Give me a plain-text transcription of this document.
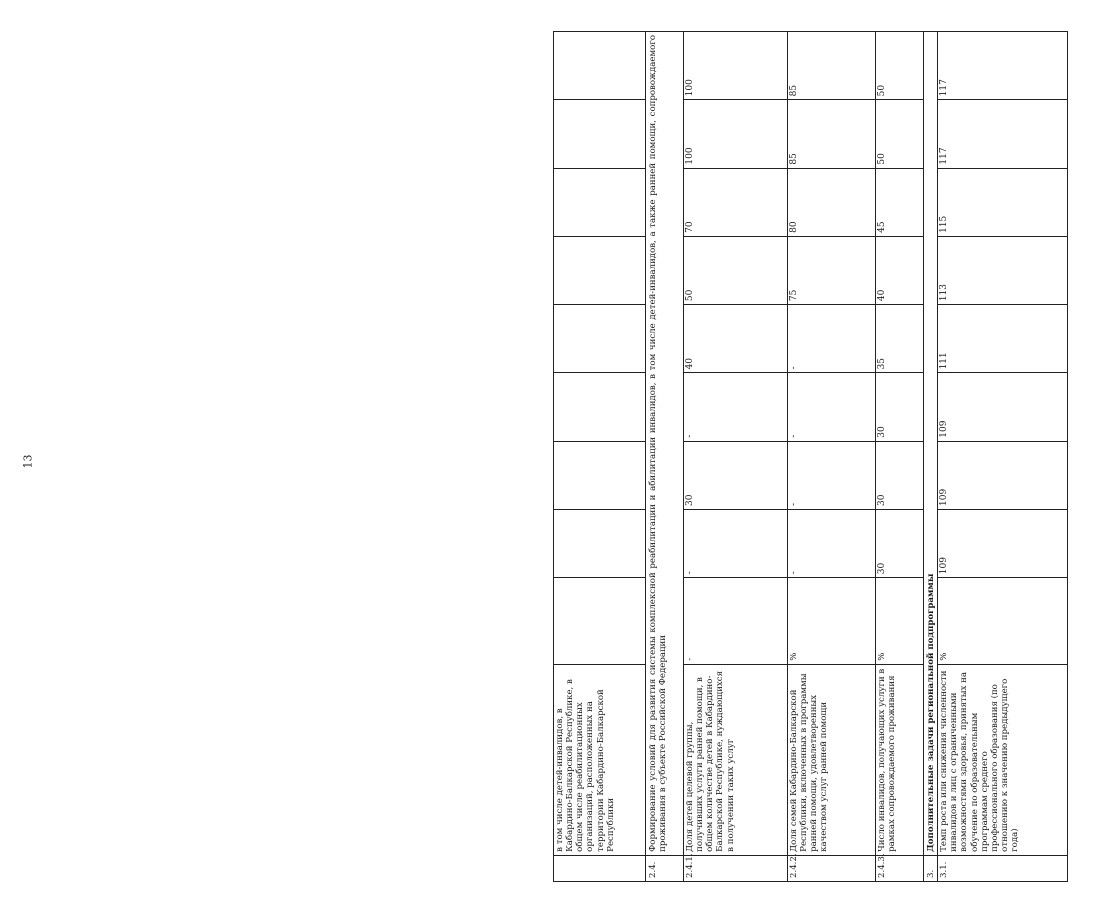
13
	в том числе детей-инвалидов, в Кабардино-Балкарской Республике, в общем числе реабилитационных организаций, расположенных на территории Кабардино-Балкарской Республики									
2.4.	Формирование условий для развития системы комплексной реабилитации и абилитации инвалидов, в том числе детей-инвалидов, а также ранней помощи, сопровождаемого проживания в субъекте Российской Федерации									
2.4.1.	Доля детей целевой группы, получивших услуги ранней помощи, в общем количестве детей в Кабардино-Балкарской Республике, нуждающихся в получении таких услуг	-	-	30	-	40	50	70	100	100
2.4.2.	Доля семей Кабардино-Балкарской Республики, включенных в программы ранней помощи, удовлетворенных качеством услуг ранней помощи	%	-	-	-	-	75	80	85	85
2.4.3.	Число инвалидов, получающих услуги в рамках сопровождаемого проживания	%	30	30	30	35	40	45	50	50
3.	Дополнительные задачи региональной подпрограммы									
3.1.	Темп роста или снижения численности инвалидов и лиц с ограниченными возможностями здоровья, принятых на обучение по образовательным программам среднего профессионального образования (по отношению к значению предыдущего года)	%	109	109	109	111	113	115	117	117
